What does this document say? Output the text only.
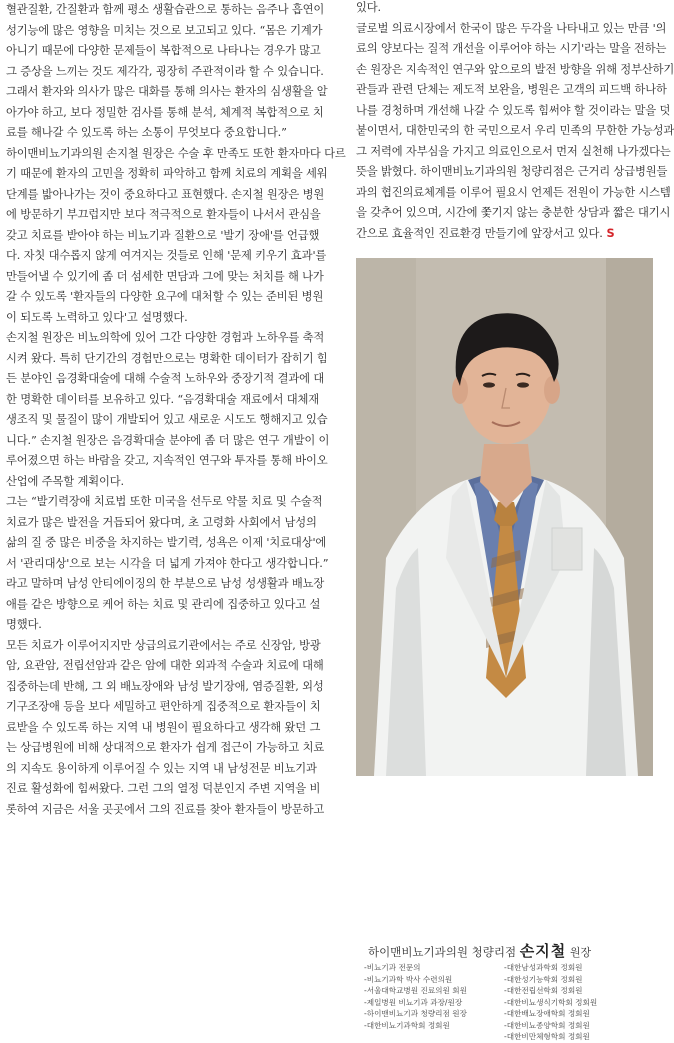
혈관질환, 간질환과 함께 평소 생활습관으로 통하는 음주나 흡연이
성기능에 많은 영향을 미치는 것으로 보고되고 있다. “몸은 기계가
아니기 때문에 다양한 문제들이 복합적으로 나타나는 경우가 많고
그 증상을 느끼는 것도 제각각, 굉장히 주관적이라 할 수 있습니다.
그래서 환자와 의사가 많은 대화를 통해 의사는 환자의 심생활을 알
아가야 하고, 보다 정밀한 검사를 통해 분석, 체계적 복합적으로 치
료를 해나갈 수 있도록 하는 소통이 무엇보다 중요합니다.”

하이맨비뇨기과의원 손지철 원장은 수술 후 만족도 또한 환자마다 다르
기 때문에 환자의 고민을 정확히 파악하고 함께 치료의 계획을 세워
단계를 밟아나가는 것이 중요하다고 표현했다. 손지철 원장은 병원
에 방문하기 부끄럽지만 보다 적극적으로 환자들이 나서서 관심을
갖고 치료를 받아야 하는 비뇨기과 질환으로 '발기 장애'를 언급했
다. 자칫 대수롭지 않게 여겨지는 것들로 인해 '문제 키우기 효과'를
만들어낼 수 있기에 좀 더 섬세한 면담과 그에 맞는 처치를 해 나가
갈 수 있도록 '환자들의 다양한 요구에 대처할 수 있는 준비된 병원
이 되도록 노력하고 있다'고 설명했다.

손지철 원장은 비뇨의학에 있어 그간 다양한 경험과 노하우를 축적
시켜 왔다. 특히 단기간의 경험만으로는 명확한 데이터가 잡히기 힘
든 분야인 음경확대술에 대해 수술적 노하우와 중장기적 결과에 대
한 명확한 데이터를 보유하고 있다. “음경확대술 재료에서 대체재
생조직 및 물질이 많이 개발되어 있고 새로운 시도도 행해지고 있습
니다.” 손지철 원장은 음경확대술 분야에 좀 더 많은 연구 개발이 이
루어졌으면 하는 바람을 갖고, 지속적인 연구와 투자를 통해 바이오
산업에 주목할 계획이다.

그는 “발기력장애 치료법 또한 미국을 선두로 약물 치료 및 수술적
치료가 많은 발전을 거듭되어 왔다며, 초 고령화 사회에서 남성의
삶의 질 중 많은 비중을 차지하는 발기력, 성욕은 이제 '치료대상'에
서 '관리대상'으로 보는 시각을 더 넓게 가져야 한다고 생각합니다.”
라고 말하며 남성 안티에이징의 한 부분으로 남성 성생활과 배뇨장
애를 같은 방향으로 케어 하는 치료 및 관리에 집중하고 있다고 설
명했다.

모든 치료가 이루어지지만 상급의료기관에서는 주로 신장암, 방광
암, 요관암, 전립선암과 같은 암에 대한 외과적 수술과 치료에 대해
집중하는데 반해, 그 외 배뇨장애와 남성 발기장애, 염증질환, 외성
기구조장애 등을 보다 세밀하고 편안하게 집중적으로 환자들이 치
료받을 수 있도록 하는 지역 내 병원이 필요하다고 생각해 왔던 그
는 상급병원에 비해 상대적으로 환자가 쉽게 접근이 가능하고 치료
의 지속도 용이하게 이루어질 수 있는 지역 내 남성전문 비뇨기과
진료 활성화에 힘써왔다. 그런 그의 열정 덕분인지 주변 지역을 비
롯하여 지금은 서울 곳곳에서 그의 진료를 찾아 환자들이 방문하고

있다.
글로벌 의료시장에서 한국이 많은 두각을 나타내고 있는 만큼 '의
료의 양보다는 질적 개선을 이루어야 하는 시기'라는 말을 전하는
손 원장은 지속적인 연구와 앞으로의 발전 방향을 위해 정부산하기
관들과 관련 단체는 제도적 보완을, 병원은 고객의 피드백 하나하
나를 경청하며 개선해 나갈 수 있도록 힘써야 할 것이라는 말을 덧
붙이면서, 대한민국의 한 국민으로서 우리 민족의 무한한 가능성과
그 저력에 자부심을 가지고 의료인으로서 먼저 실천해 나가겠다는
뜻을 밝혔다. 하이맨비뇨기과의원 청량리점은 근거리 상급병원들
과의 협진의료체계를 이루어 필요시 언제든 전원이 가능한 시스템
을 갖추어 있으며, 시간에 쫓기지 않는 충분한 상담과 짧은 대기시
간으로 효율적인 진료환경 만들기에 앞장서고 있다. S
하이맨비뇨기과의원 청량리점 손지철 원장
-비뇨기과 전문의
-비뇨기과학 박사 수련의원
-서울대학교병원 진료의원 회원
-제일병원 비뇨기과 과장/원장
-하이맨비뇨기과 청량리점 원장
-대한비뇨기과학회 정회원
-대한남성과학회 정회원
-대한성기능학회 정회원
-대한전립선학회 정회원
-대한비뇨생식기학회 정회원
-대한배뇨장애학회 정회원
-대한비뇨종양학회 정회원
-대한비만체형학회 정회원
